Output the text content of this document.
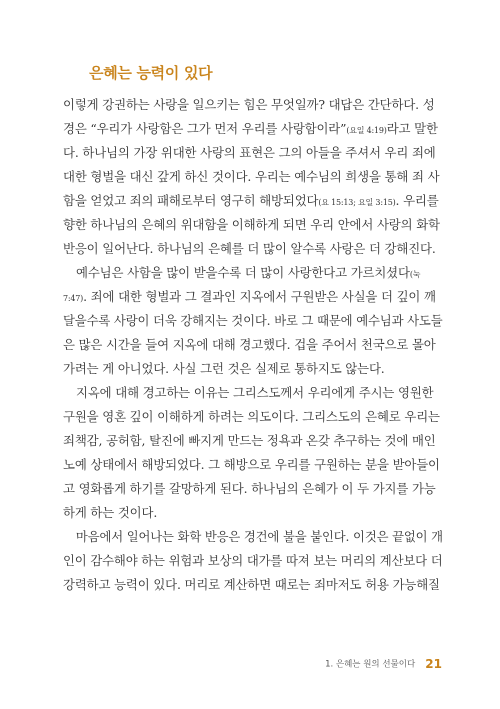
은혜는 능력이 있다
이렇게 강권하는 사랑을 일으키는 힘은 무엇일까? 대답은 간단하다. 성
경은 “우리가 사랑함은 그가 먼저 우리를 사랑함이라”(요일 4:19)라고 말한
다. 하나님의 가장 위대한 사랑의 표현은 그의 아들을 주셔서 우리 죄에
대한 형벌을 대신 갚게 하신 것이다. 우리는 예수님의 희생을 통해 죄 사
함을 얻었고 죄의 패해로부터 영구히 해방되었다(요 15:13; 요일 3:15). 우리를
향한 하나님의 은혜의 위대함을 이해하게 되면 우리 안에서 사랑의 화학
반응이 일어난다. 하나님의 은혜를 더 많이 알수록 사랑은 더 강해진다.
예수님은 사함을 많이 받을수록 더 많이 사랑한다고 가르치셨다(눅
7:47). 죄에 대한 형벌과 그 결과인 지옥에서 구원받은 사실을 더 깊이 깨
달을수록 사랑이 더욱 강해지는 것이다. 바로 그 때문에 예수님과 사도들
은 많은 시간을 들여 지옥에 대해 경고했다. 겁을 주어서 천국으로 몰아
가려는 게 아니었다. 사실 그런 것은 실제로 통하지도 않는다.
지옥에 대해 경고하는 이유는 그리스도께서 우리에게 주시는 영원한
구원을 영혼 깊이 이해하게 하려는 의도이다. 그리스도의 은혜로 우리는
죄책감, 공허함, 탈진에 빠지게 만드는 정욕과 온갖 추구하는 것에 매인
노예 상태에서 해방되었다. 그 해방으로 우리를 구원하는 분을 받아들이
고 영화롭게 하기를 갈망하게 된다. 하나님의 은혜가 이 두 가지를 가능
하게 하는 것이다.
마음에서 일어나는 화학 반응은 경건에 불을 붙인다. 이것은 끝없이 개
인이 감수해야 하는 위험과 보상의 대가를 따져 보는 머리의 계산보다 더
강력하고 능력이 있다. 머리로 계산하면 때로는 죄마저도 허용 가능해질
1. 은혜는 원의 선물이다 21
